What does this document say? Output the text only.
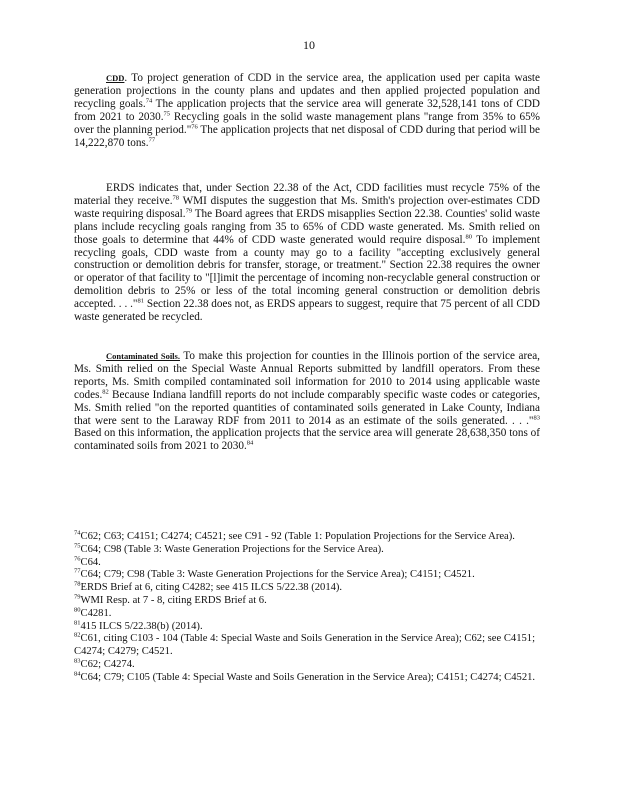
10

CDD. To project generation of CDD in the service area, the application used per capita waste generation projections in the county plans and updates and then applied projected population and recycling goals.$^{74}$ The application projects that the service area will generate 32,528,141 tons of CDD from 2021 to 2030.75 Recycling goals in the solid waste management plans "range from 35% to 65% over the planning period."$^{76}$ The application projects that net disposal of CDD during that period will be 14,222,870 tons.$^{77}$

ERDS indicates that, under Section 22.38 of the Act, CDD facilities must recycle 75% of the material they receive.$^{78}$ WMI disputes the suggestion that Ms. Smith's projection over-estimates CDD waste requiring disposal.$^{79}$ The Board agrees that ERDS misapplies Section 22.38. Counties' solid waste plans include recycling goals ranging from 35 to 65% of CDD waste generated. Ms. Smith relied on those goals to determine that 44% of CDD waste generated would require disposal.$^{80}$ To implement recycling goals, CDD waste from a county may go to a facility "accepting exclusively general construction or demolition debris for transfer, storage, or treatment." Section 22.38 requires the owner or operator of that facility to "[l]imit the percentage of incoming non-recyclable general construction or demolition debris to 25% or less of the total incoming general construction or demolition debris accepted. . . ."$^{81}$ Section 22.38 does not, as ERDS appears to suggest, require that 75 percent of all CDD waste generated be recycled.

Contaminated Soils. To make this projection for counties in the Illinois portion of the service area, Ms. Smith relied on the Special Waste Annual Reports submitted by landfill operators. From these reports, Ms. Smith compiled contaminated soil information for 2010 to 2014 using applicable waste codes.$^{82}$ Because Indiana landfill reports do not include comparably specific waste codes or categories, Ms. Smith relied "on the reported quantities of contaminated soils generated in Lake County, Indiana that were sent to the Laraway RDF from 2011 to 2014 as an estimate of the soils generated. . . ."$^{83}$ Based on this information, the application projects that the service area will generate 28,638,350 tons of contaminated soils from 2021 to 2030.84

$^{74}$C62; C63; C4151; C4274; C4521; see C91 - 92 (Table 1: Population Projections for the Service Area).

$^{75}$C64; C98 (Table 3: Waste Generation Projections for the Service Area).

$^{76}$C64.

$^{77}$C64; C79; C98 (Table 3: Waste Generation Projections for the Service Area); C4151; C4521.

$^{78}$ERDS Brief at 6, citing C4282; see 415 ILCS 5/22.38 (2014).

$^{79}$WMI Resp. at 7 - 8, citing ERDS Brief at 6.

$^{80}$C4281.

$^{81}$415 ILCS 5/22.38(b) (2014).

$^{82}$C61, citing C103 - 104 (Table 4: Special Waste and Soils Generation in the Service Area); C62; see C4151; C4274; C4279; C4521.

$^{83}$C62; C4274.

$^{84}$C64; C79; C105 (Table 4: Special Waste and Soils Generation in the Service Area); C4151; C4274; C4521.
